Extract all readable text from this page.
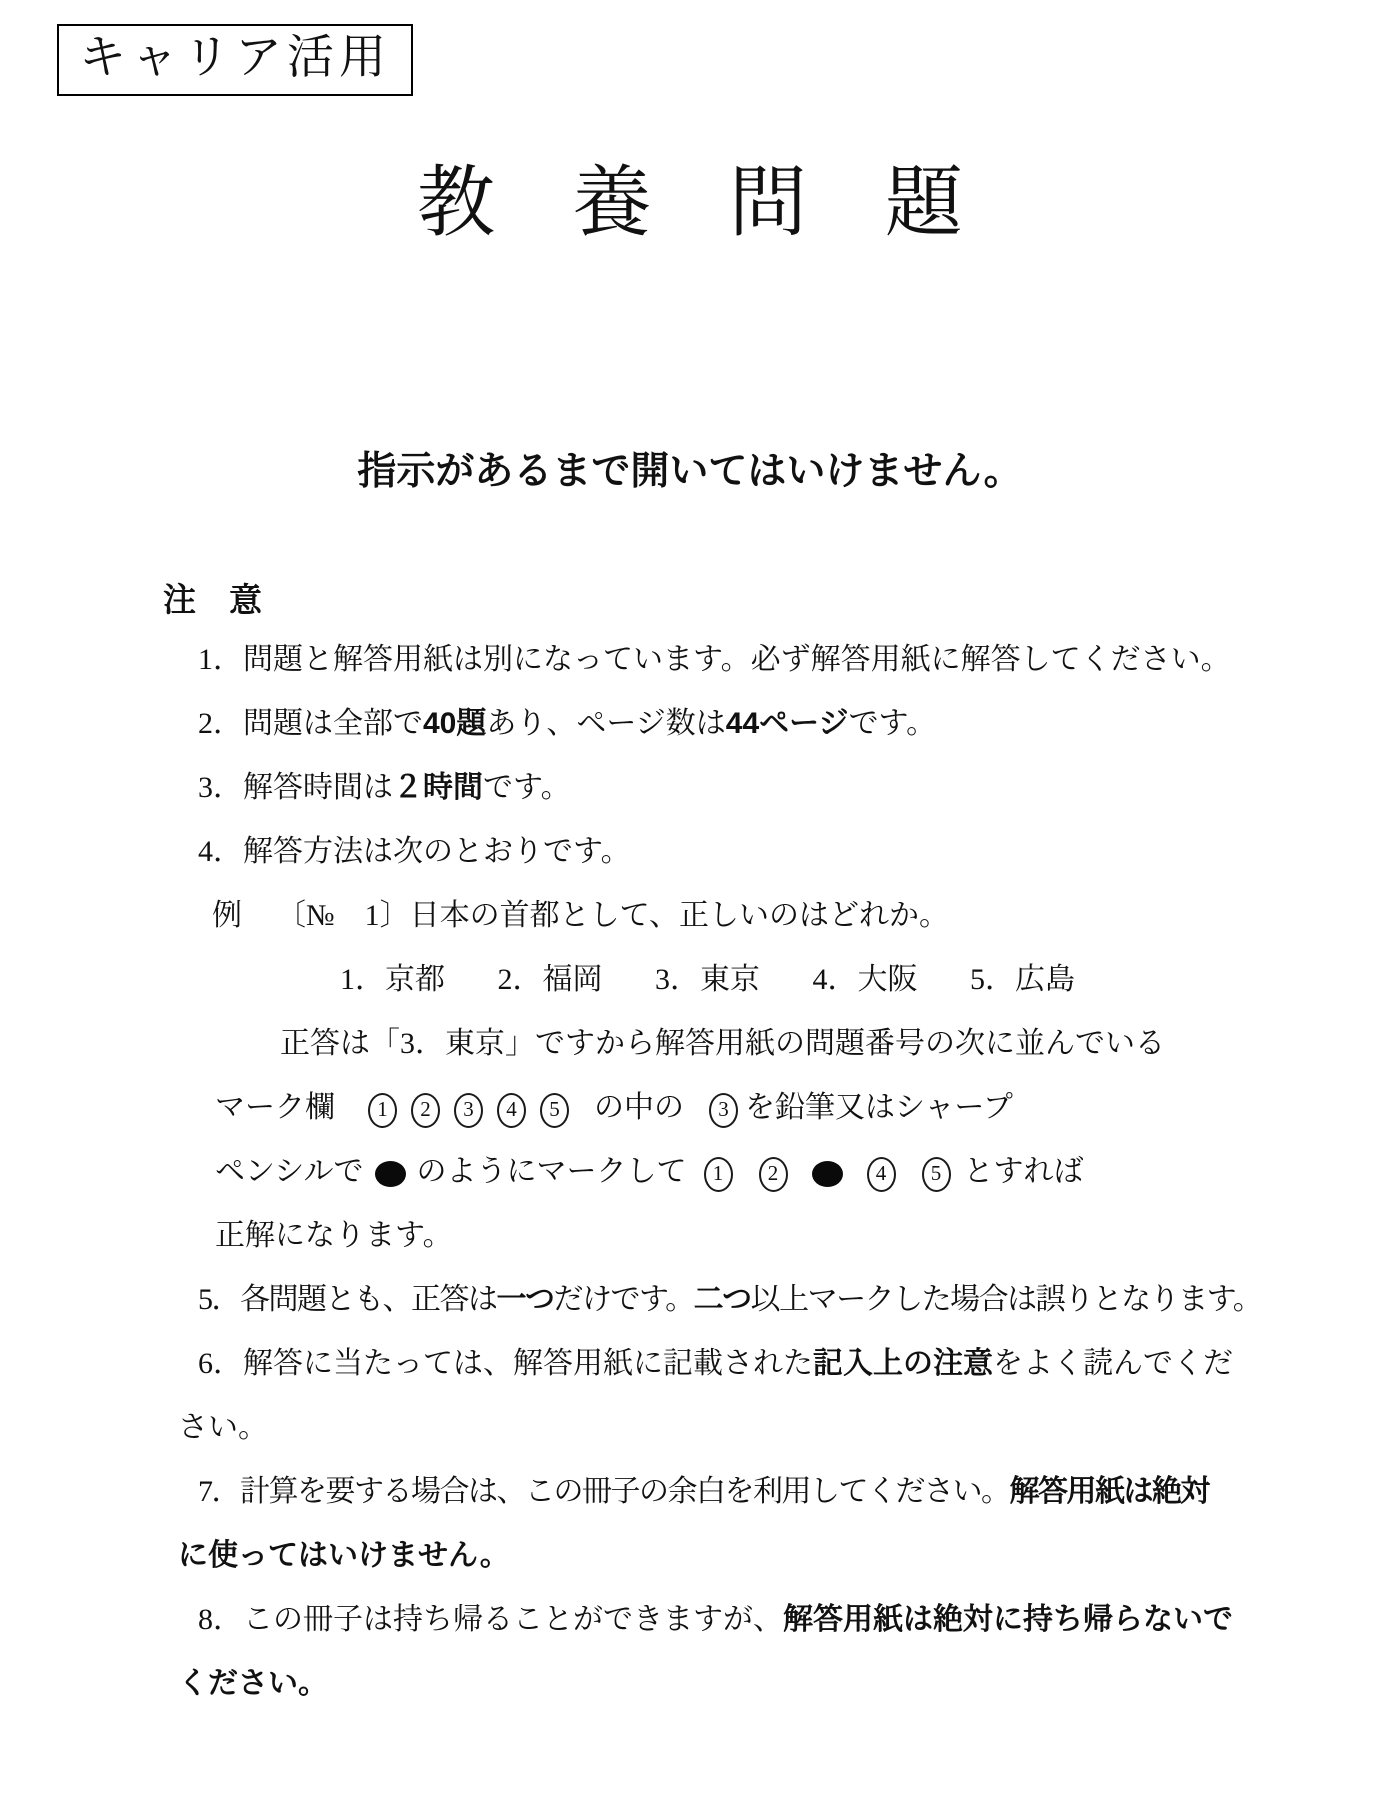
キャリア活用
教　養　問　題
指示があるまで開いてはいけません。
注　意
1．問題と解答用紙は別になっています。必ず解答用紙に解答してください。
2．問題は全部で40題あり、ページ数は44ページです。
3．解答時間は２時間です。
4．解答方法は次のとおりです。
例 〔№　1〕日本の首都として、正しいのはどれか。
1．京都 2．福岡 3．東京 4．大阪 5．広島
正答は「3．東京」ですから解答用紙の問題番号の次に並んでいる
マーク欄 1 2 3 4 5 の中の 3 を鉛筆又はシャープ
ペンシルで のようにマークして 1 2	4 5 とすれば
正解になります。
5．各問題とも、正答は一つだけです。二つ以上マークした場合は誤りとなります。
6．解答に当たっては、解答用紙に記載された記入上の注意をよく読んでくだ
さい。
7．計算を要する場合は、この冊子の余白を利用してください。解答用紙は絶対
に使ってはいけません。
8．この冊子は持ち帰ることができますが、解答用紙は絶対に持ち帰らないで
ください。
